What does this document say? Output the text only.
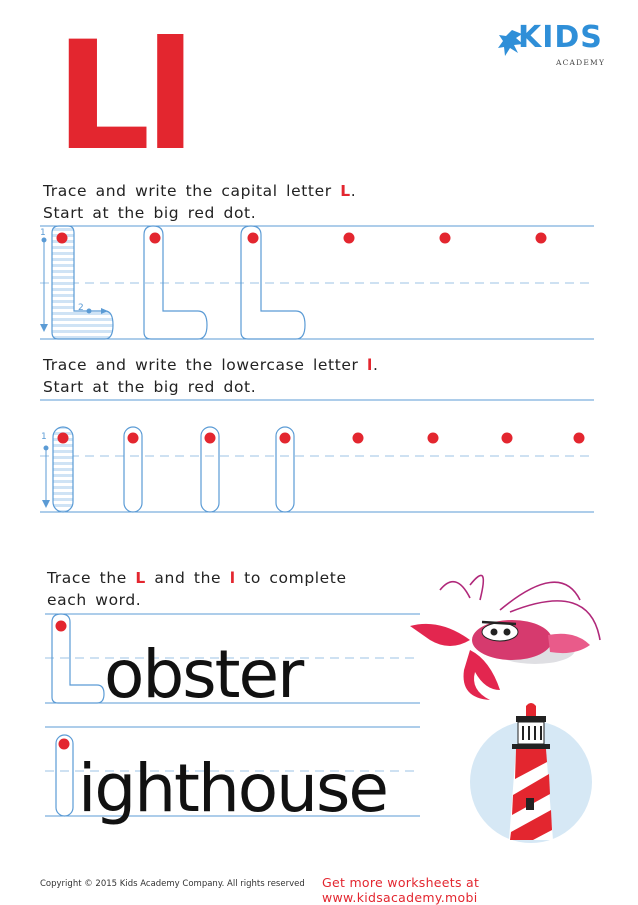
Ll	KIDS
ACADEMY
Trace and write the capital letter L.
Start at the big red dot.
Trace and write the lowercase letter l.
Start at the big red dot.
Trace the L and the l to complete
each word.
obster
ighthouse
1
2
1
Copyright © 2015 Kids Academy Company. All rights reserved Get more worksheets at www.kidsacademy.mobi
